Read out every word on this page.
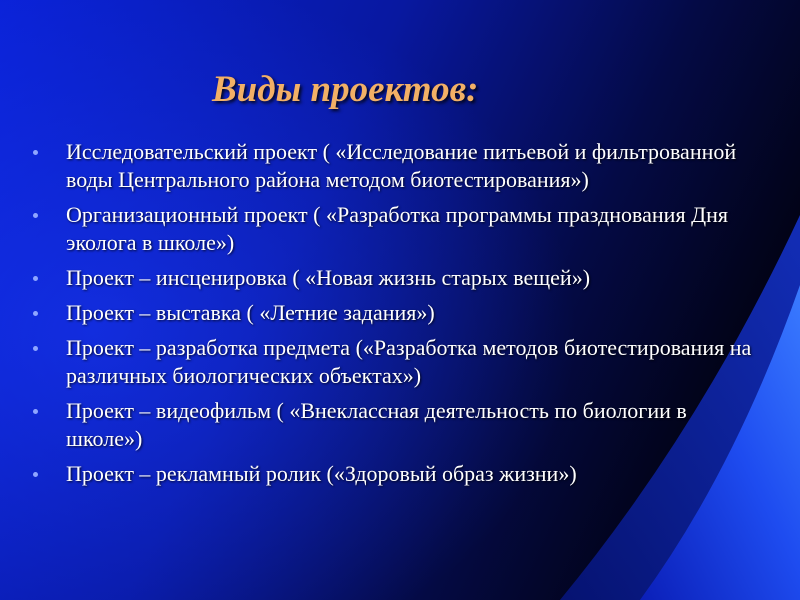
Виды проектов:
Исследовательский проект ( «Исследование питьевой и фильтрованной воды Центрального района методом биотестирования»)
Организационный проект ( «Разработка программы празднования Дня эколога в школе»)
Проект – инсценировка ( «Новая жизнь старых вещей»)
Проект – выставка ( «Летние задания»)
Проект – разработка предмета («Разработка методов биотестирования на различных биологических объектах»)
Проект – видеофильм ( «Внеклассная деятельность по биологии в школе»)
Проект – рекламный ролик («Здоровый образ жизни»)
